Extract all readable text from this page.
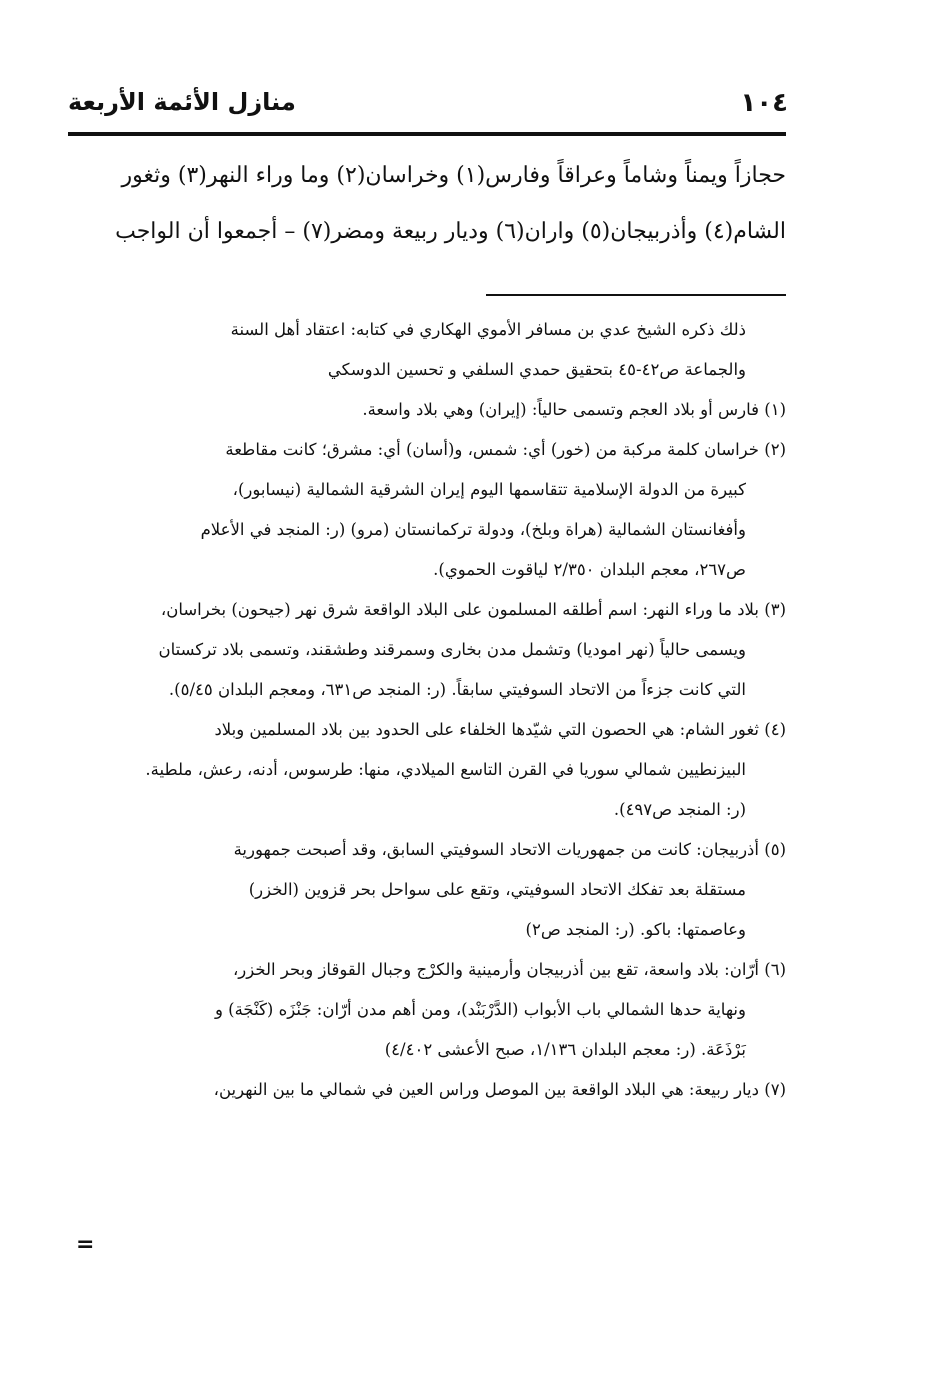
١٠٤
منازل الأئمة الأربعة
حجازاً ويمناً وشاماً وعراقاً وفارس(١) وخراسان(٢) وما وراء النهر(٣) وثغور
الشام(٤) وأذربيجان(٥) واران(٦) وديار ربيعة ومضر(٧) – أجمعوا أن الواجب
ذلك ذكره الشيخ عدي بن مسافر الأموي الهكاري في كتابه: اعتقاد أهل السنة
والجماعة ص٤٢-٤٥ بتحقيق حمدي السلفي و تحسين الدوسكي
(١) فارس أو بلاد العجم وتسمى حالياً: (إيران) وهي بلاد واسعة.
(٢) خراسان كلمة مركبة من (خور) أي: شمس، و(أسان) أي: مشرق؛ كانت مقاطعة
كبيرة من الدولة الإسلامية تتقاسمها اليوم إيران الشرقية الشمالية (نيسابور)،
وأفغانستان الشمالية (هراة وبلخ)، ودولة تركمانستان (مرو) (ر: المنجد في الأعلام
ص٢٦٧، معجم البلدان ٢/٣٥٠ لياقوت الحموي).
(٣) بلاد ما وراء النهر: اسم أطلقه المسلمون على البلاد الواقعة شرق نهر (جيحون) بخراسان،
ويسمى حالياً (نهر اموديا) وتشمل مدن بخارى وسمرقند وطشقند، وتسمى بلاد تركستان
التي كانت جزءاً من الاتحاد السوفيتي سابقاً. (ر: المنجد ص٦٣١، ومعجم البلدان ٥/٤٥).
(٤) ثغور الشام: هي الحصون التي شيّدها الخلفاء على الحدود بين بلاد المسلمين وبلاد
البيزنطيين شمالي سوريا في القرن التاسع الميلادي، منها: طرسوس، أدنه، رعش، ملطية.
(ر: المنجد ص٤٩٧).
(٥) أذربيجان: كانت من جمهوريات الاتحاد السوفيتي السابق، وقد أصبحت جمهورية
مستقلة بعد تفكك الاتحاد السوفيتي، وتقع على سواحل بحر قزوين (الخزر)
وعاصمتها: باكو. (ر: المنجد ص٢)
(٦) أرّان: بلاد واسعة، تقع بين أذربيجان وأرمينية والكرْج وجبال القوقاز وبحر الخزر،
ونهاية حدها الشمالي باب الأبواب (الدَّرْبَنْد)، ومن أهم مدن أرّان: جَنْزَه (كَنْجَة) و
بَرْذَعَة. (ر: معجم البلدان ١/١٣٦، صبح الأعشى ٤/٤٠٢)
(٧) ديار ربيعة: هي البلاد الواقعة بين الموصل وراس العين في شمالي ما بين النهرين،
=
